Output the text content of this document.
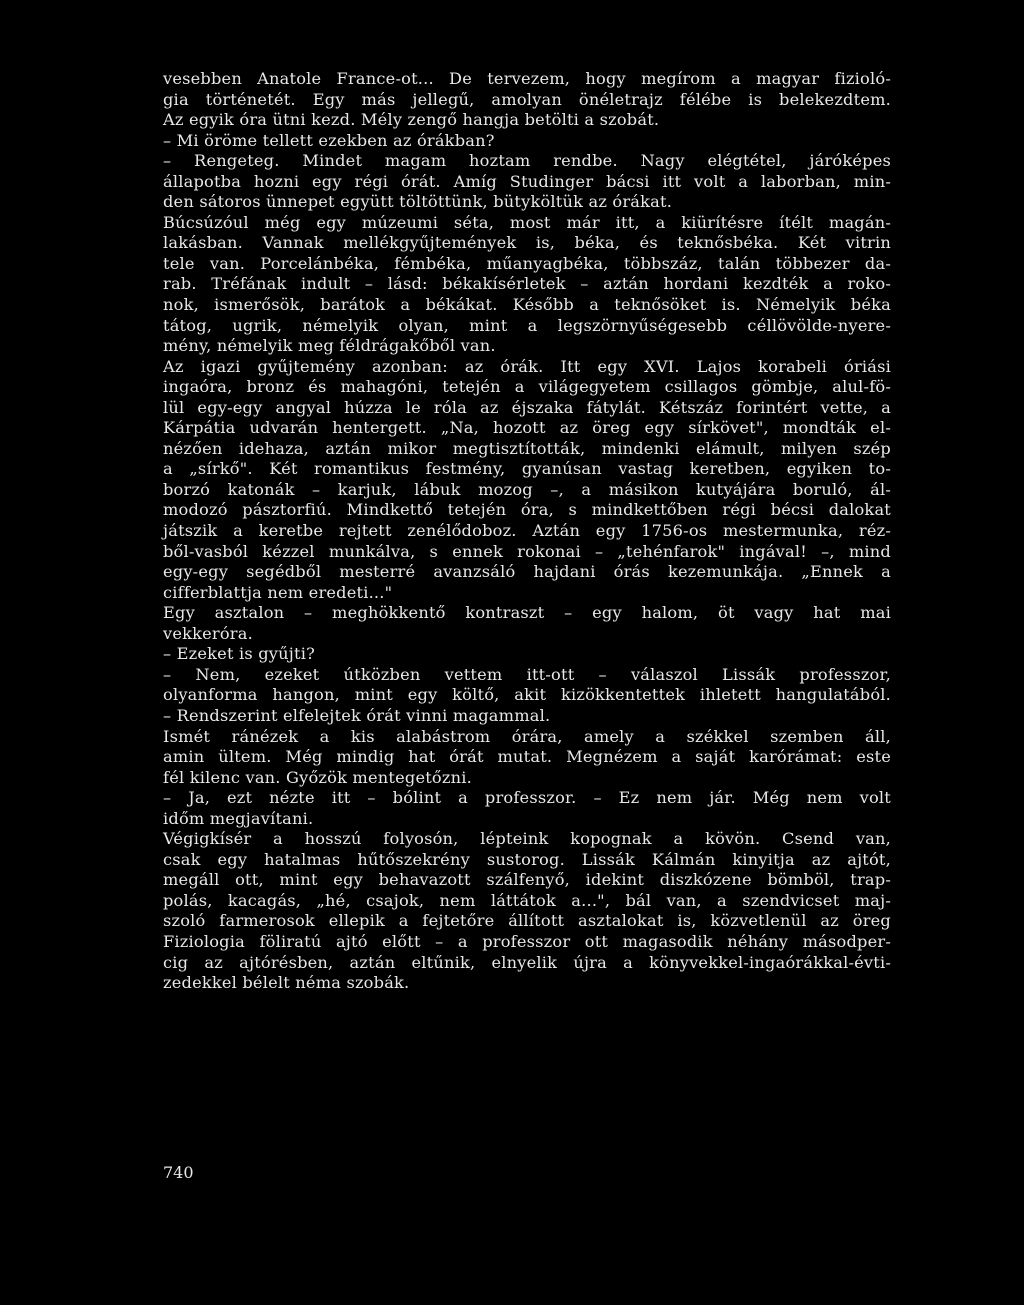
vesebben Anatole France-ot... De tervezem, hogy megírom a magyar fizioló-
gia történetét. Egy más jellegű, amolyan önéletrajz félébe is belekezdtem.
Az egyik óra ütni kezd. Mély zengő hangja betölti a szobát.
– Mi öröme tellett ezekben az órákban?
– Rengeteg. Mindet magam hoztam rendbe. Nagy elégtétel, járóképes
állapotba hozni egy régi órát. Amíg Studinger bácsi itt volt a laborban, min-
den sátoros ünnepet együtt töltöttünk, bütyköltük az órákat.
Búcsúzóul még egy múzeumi séta, most már itt, a kiürítésre ítélt magán-
lakásban. Vannak mellékgyűjtemények is, béka, és teknősbéka. Két vitrin
tele van. Porcelánbéka, fémbéka, műanyagbéka, többszáz, talán többezer da-
rab. Tréfának indult – lásd: békakísérletek – aztán hordani kezdték a roko-
nok, ismerősök, barátok a békákat. Később a teknősöket is. Némelyik béka
tátog, ugrik, némelyik olyan, mint a legszörnyűségesebb céllövölde-nyere-
mény, némelyik meg féldrágakőből van.
Az igazi gyűjtemény azonban: az órák. Itt egy XVI. Lajos korabeli óriási
ingaóra, bronz és mahagóni, tetején a világegyetem csillagos gömbje, alul-fö-
lül egy-egy angyal húzza le róla az éjszaka fátylát. Kétszáz forintért vette, a
Kárpátia udvarán hentergett. „Na, hozott az öreg egy sírkövet", mondták el-
nézően idehaza, aztán mikor megtisztították, mindenki elámult, milyen szép
a „sírkő". Két romantikus festmény, gyanúsan vastag keretben, egyiken to-
borzó katonák – karjuk, lábuk mozog –, a másikon kutyájára boruló, ál-
modozó pásztorfiú. Mindkettő tetején óra, s mindkettőben régi bécsi dalokat
játszik a keretbe rejtett zenélődoboz. Aztán egy 1756-os mestermunka, réz-
ből-vasból kézzel munkálva, s ennek rokonai – „tehénfarok" ingával! –, mind
egy-egy segédből mesterré avanzsáló hajdani órás kezemunkája. „Ennek a
cifferblattja nem eredeti..."
Egy asztalon – meghökkentő kontraszt – egy halom, öt vagy hat mai
vekkeróra.
– Ezeket is gyűjti?
– Nem, ezeket útközben vettem itt-ott – válaszol Lissák professzor,
olyanforma hangon, mint egy költő, akit kizökkentettek ihletett hangulatából.
– Rendszerint elfelejtek órát vinni magammal.
Ismét ránézek a kis alabástrom órára, amely a székkel szemben áll,
amin ültem. Még mindig hat órát mutat. Megnézem a saját karórámat: este
fél kilenc van. Győzök mentegetőzni.
– Ja, ezt nézte itt – bólint a professzor. – Ez nem jár. Még nem volt
időm megjavítani.
Végigkísér a hosszú folyosón, lépteink kopognak a kövön. Csend van,
csak egy hatalmas hűtőszekrény sustorog. Lissák Kálmán kinyitja az ajtót,
megáll ott, mint egy behavazott szálfenyő, idekint diszkózene bömböl, trap-
polás, kacagás, „hé, csajok, nem láttátok a...", bál van, a szendvicset maj-
szoló farmerosok ellepik a fejtetőre állított asztalokat is, közvetlenül az öreg
Fiziologia föliratú ajtó előtt – a professzor ott magasodik néhány másodper-
cig az ajtórésben, aztán eltűnik, elnyelik újra a könyvekkel-ingaórákkal-évti-
zedekkel bélelt néma szobák.
740
